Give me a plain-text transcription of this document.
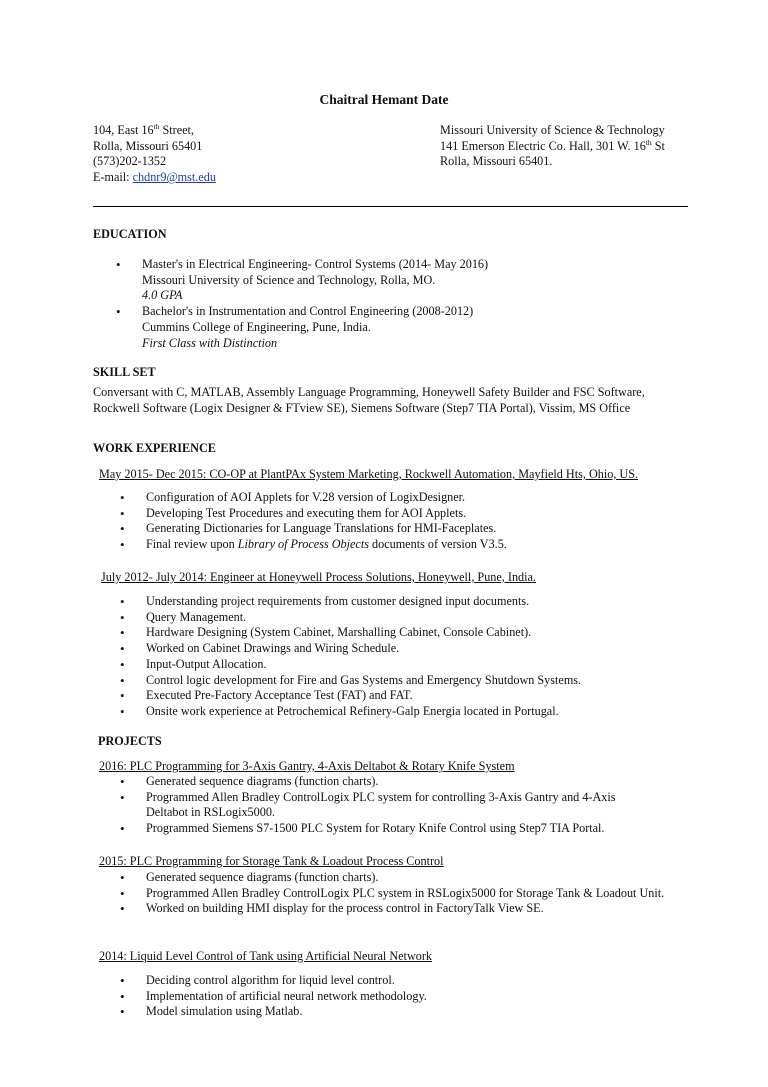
Chaitral Hemant Date
104, East 16th Street,
Rolla, Missouri 65401
(573)202-1352
E-mail: chdnr9@mst.edu
Missouri University of Science & Technology
141 Emerson Electric Co. Hall, 301 W. 16th St
Rolla, Missouri 65401.
EDUCATION
• Master's in Electrical Engineering- Control Systems (2014- May 2016)
Missouri University of Science and Technology, Rolla, MO.
4.0 GPA
• Bachelor's in Instrumentation and Control Engineering (2008-2012)
Cummins College of Engineering, Pune, India.
First Class with Distinction
SKILL SET
Conversant with C, MATLAB, Assembly Language Programming, Honeywell Safety Builder and FSC Software,
Rockwell Software (Logix Designer & FTview SE), Siemens Software (Step7 TIA Portal), Vissim, MS Office
WORK EXPERIENCE
May 2015- Dec 2015: CO-OP at PlantPAx System Marketing, Rockwell Automation, Mayfield Hts, Ohio, US.
• Configuration of AOI Applets for V.28 version of LogixDesigner.
• Developing Test Procedures and executing them for AOI Applets.
• Generating Dictionaries for Language Translations for HMI-Faceplates.
• Final review upon Library of Process Objects documents of version V3.5.
July 2012- July 2014: Engineer at Honeywell Process Solutions, Honeywell, Pune, India.
• Understanding project requirements from customer designed input documents.
• Query Management.
• Hardware Designing (System Cabinet, Marshalling Cabinet, Console Cabinet).
• Worked on Cabinet Drawings and Wiring Schedule.
• Input-Output Allocation.
• Control logic development for Fire and Gas Systems and Emergency Shutdown Systems.
• Executed Pre-Factory Acceptance Test (FAT) and FAT.
• Onsite work experience at Petrochemical Refinery-Galp Energia located in Portugal.
PROJECTS
2016: PLC Programming for 3-Axis Gantry, 4-Axis Deltabot & Rotary Knife System
• Generated sequence diagrams (function charts).
• Programmed Allen Bradley ControlLogix PLC system for controlling 3-Axis Gantry and 4-Axis Deltabot in RSLogix5000.
• Programmed Siemens S7-1500 PLC System for Rotary Knife Control using Step7 TIA Portal.
2015: PLC Programming for Storage Tank & Loadout Process Control
• Generated sequence diagrams (function charts).
• Programmed Allen Bradley ControlLogix PLC system in RSLogix5000 for Storage Tank & Loadout Unit.
• Worked on building HMI display for the process control in FactoryTalk View SE.
2014: Liquid Level Control of Tank using Artificial Neural Network
• Deciding control algorithm for liquid level control.
• Implementation of artificial neural network methodology.
• Model simulation using Matlab.
